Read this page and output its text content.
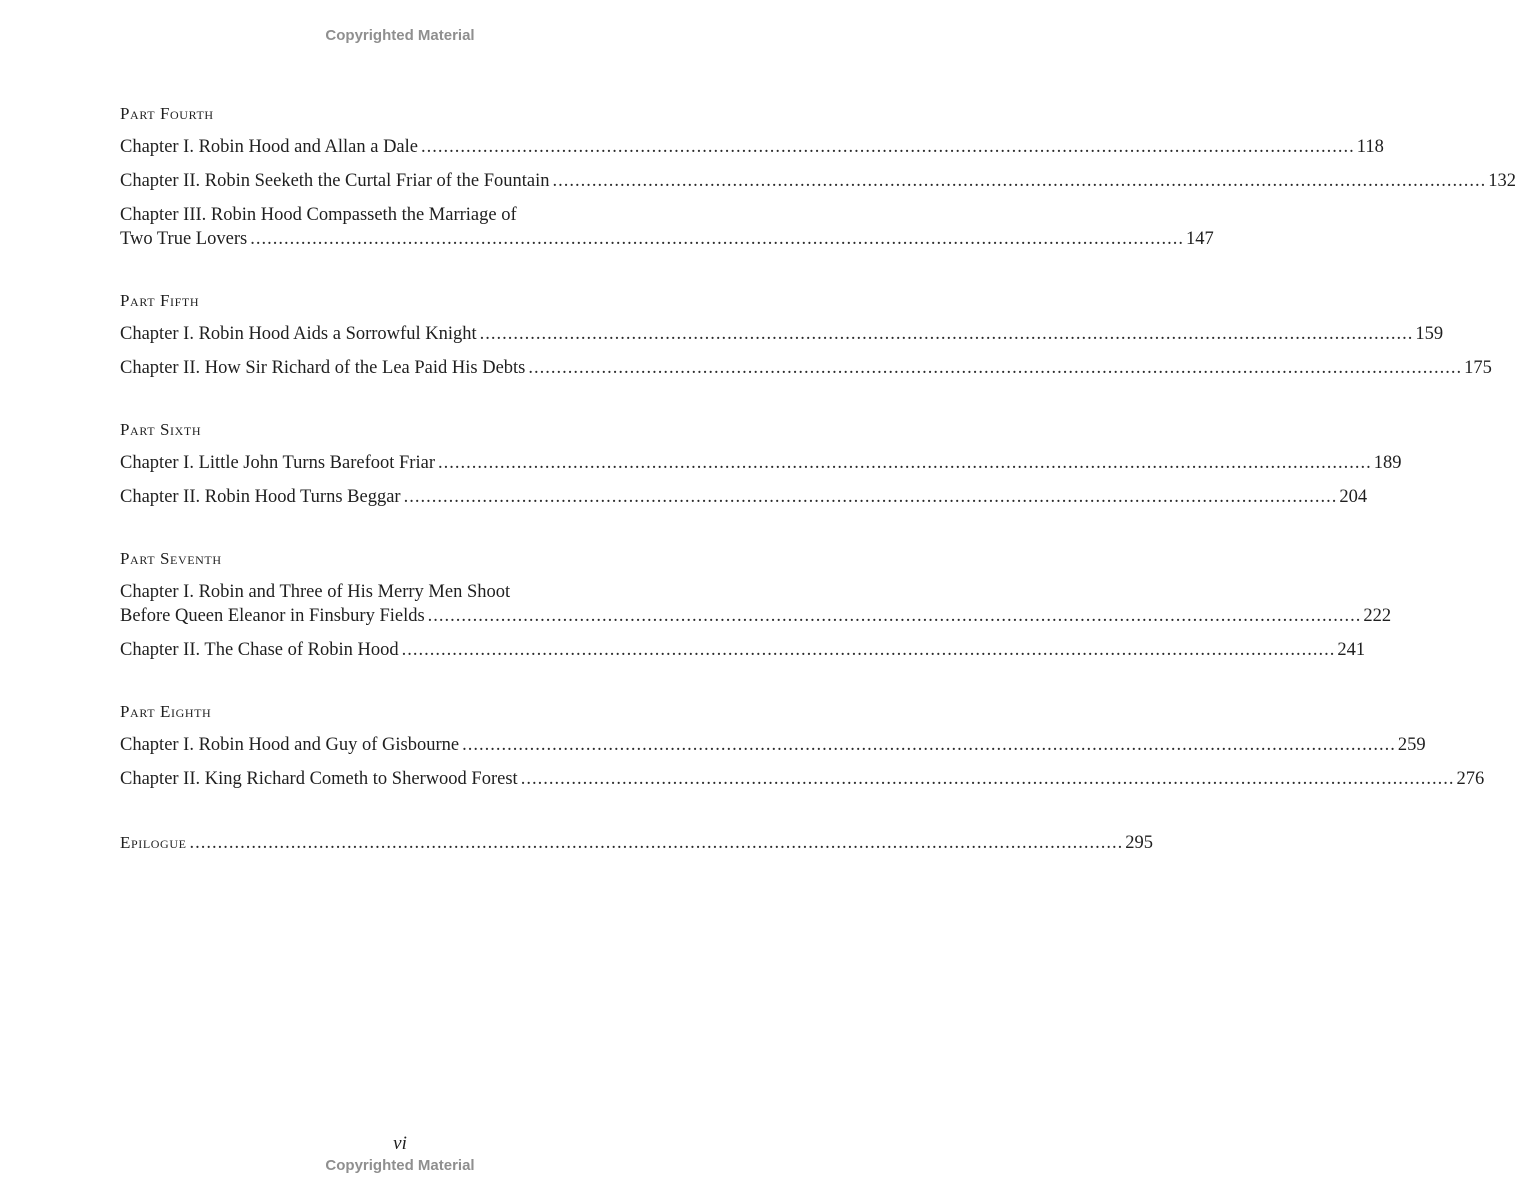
Copyrighted Material
Part Fourth
Chapter I. Robin Hood and Allan a Dale ...................................................................................................................................................................... 118
Chapter II. Robin Seeketh the Curtal Friar of the Fountain ...................................................................................................................................................................... 132
Chapter III. Robin Hood Compasseth the Marriage of
Two True Lovers ...................................................................................................................................................................... 147
Part Fifth
Chapter I. Robin Hood Aids a Sorrowful Knight ...................................................................................................................................................................... 159
Chapter II. How Sir Richard of the Lea Paid His Debts ...................................................................................................................................................................... 175
Part Sixth
Chapter I. Little John Turns Barefoot Friar ...................................................................................................................................................................... 189
Chapter II. Robin Hood Turns Beggar ...................................................................................................................................................................... 204
Part Seventh
Chapter I. Robin and Three of His Merry Men Shoot
Before Queen Eleanor in Finsbury Fields ...................................................................................................................................................................... 222
Chapter II. The Chase of Robin Hood ...................................................................................................................................................................... 241
Part Eighth
Chapter I. Robin Hood and Guy of Gisbourne ...................................................................................................................................................................... 259
Chapter II. King Richard Cometh to Sherwood Forest ...................................................................................................................................................................... 276
Epilogue ...................................................................................................................................................................... 295
vi
Copyrighted Material
